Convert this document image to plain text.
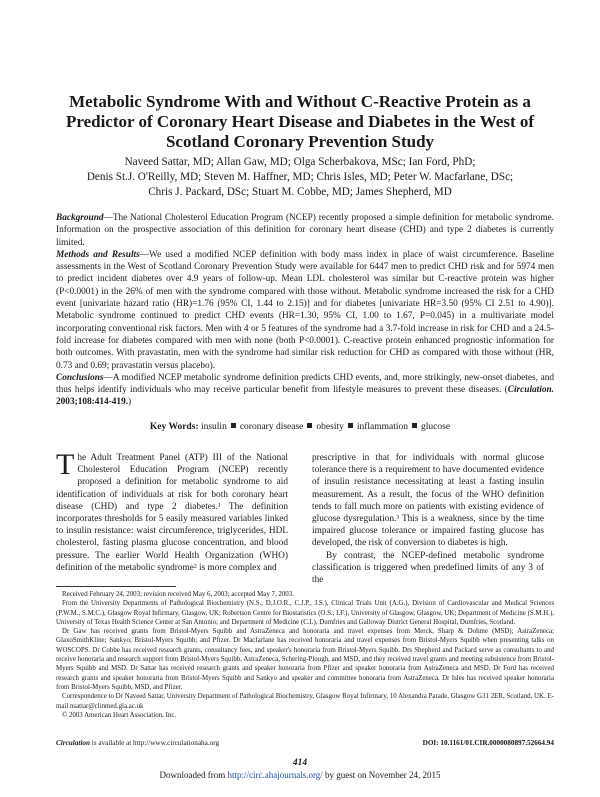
Metabolic Syndrome With and Without C-Reactive Protein as a Predictor of Coronary Heart Disease and Diabetes in the West of Scotland Coronary Prevention Study
Naveed Sattar, MD; Allan Gaw, MD; Olga Scherbakova, MSc; Ian Ford, PhD;
Denis St.J. O'Reilly, MD; Steven M. Haffner, MD; Chris Isles, MD; Peter W. Macfarlane, DSc;
Chris J. Packard, DSc; Stuart M. Cobbe, MD; James Shepherd, MD

Background—The National Cholesterol Education Program (NCEP) recently proposed a simple definition for metabolic syndrome. Information on the prospective association of this definition for coronary heart disease (CHD) and type 2 diabetes is currently limited.

Methods and Results—We used a modified NCEP definition with body mass index in place of waist circumference. Baseline assessments in the West of Scotland Coronary Prevention Study were available for 6447 men to predict CHD risk and for 5974 men to predict incident diabetes over 4.9 years of follow-up. Mean LDL cholesterol was similar but C-reactive protein was higher (P<0.0001) in the 26% of men with the syndrome compared with those without. Metabolic syndrome increased the risk for a CHD event [univariate hazard ratio (HR)=1.76 (95% CI, 1.44 to 2.15)] and for diabetes [univariate HR=3.50 (95% CI 2.51 to 4.90)]. Metabolic syndrome continued to predict CHD events (HR=1.30, 95% CI, 1.00 to 1.67, P=0.045) in a multivariate model incorporating conventional risk factors. Men with 4 or 5 features of the syndrome had a 3.7-fold increase in risk for CHD and a 24.5-fold increase for diabetes compared with men with none (both P<0.0001). C-reactive protein enhanced prognostic information for both outcomes. With pravastatin, men with the syndrome had similar risk reduction for CHD as compared with those without (HR, 0.73 and 0.69; pravastatin versus placebo).

Conclusions—A modified NCEP metabolic syndrome definition predicts CHD events, and, more strikingly, new-onset diabetes, and thus helps identify individuals who may receive particular benefit from lifestyle measures to prevent these diseases. (Circulation. 2003;108:414-419.)

Key Words: insulin coronary disease obesity inflammation glucose

The Adult Treatment Panel (ATP) III of the National Cholesterol Education Program (NCEP) recently proposed a definition for metabolic syndrome to aid identification of individuals at risk for both coronary heart disease (CHD) and type 2 diabetes.¹ The definition incorporates thresholds for 5 easily measured variables linked to insulin resistance: waist circumference, triglycerides, HDL cholesterol, fasting plasma glucose concentration, and blood pressure. The earlier World Health Organization (WHO) definition of the metabolic syndrome² is more complex and

prescriptive in that for individuals with normal glucose tolerance there is a requirement to have documented evidence of insulin resistance necessitating at least a fasting insulin measurement. As a result, the focus of the WHO definition tends to fall much more on patients with existing evidence of glucose dysregulation.³ This is a weakness, since by the time impaired glucose tolerance or impaired fasting glucose has developed, the risk of conversion to diabetes is high.

By contrast, the NCEP-defined metabolic syndrome classification is triggered when predefined limits of any 3 of the

Received February 24, 2003; revision received May 6, 2003; accepted May 7, 2003.

From the University Departments of Pathological Biochemistry (N.S., D.J.O.R., C.J.P., J.S.), Clinical Trials Unit (A.G.), Division of Cardiovascular and Medical Sciences (P.W.M., S.M.C.), Glasgow Royal Infirmary, Glasgow, UK; Robertson Centre for Biostatistics (O.S., I.F.), University of Glasgow, Glasgow, UK; Department of Medicine (S.M.H.), University of Texas Health Science Center at San Antonio; and Department of Medicine (C.I.), Dumfries and Galloway District General Hospital, Dumfries, Scotland.

Dr Gaw has received grants from Bristol-Myers Squibb and AstraZeneca and honoraria and travel expenses from Merck, Sharp & Dohme (MSD); AstraZeneca; GlaxoSmithKline; Sankyo; Bristol-Myers Squibb; and Pfizer. Dr Macfarlane has received honoraria and travel expenses from Bristol-Myers Squibb when presenting talks on WOSCOPS. Dr Cobbe has received research grants, consultancy fees, and speaker's honoraria from Bristol-Myers Squibb. Drs Shepherd and Packard serve as consultants to and receive honoraria and research support from Bristol-Myers Squibb, AstraZeneca, Schering-Plough, and MSD, and they received travel grants and meeting subsistence from Bristol-Myers Squibb and MSD. Dr Sattar has received research grants and speaker honoraria from Pfizer and speaker honoraria from AstraZeneca and MSD. Dr Ford has received research grants and speaker honoraria from Bristol-Myers Squibb and Sankyo and speaker and committee honoraria from AstraZeneca. Dr Isles has received speaker honoraria from Bristol-Myers Squibb, MSD, and Pfizer.

Correspondence to Dr Naveed Sattar, University Department of Pathological Biochemistry, Glasgow Royal Infirmary, 10 Alexandra Parade, Glasgow G31 2ER, Scotland, UK. E-mail nsattar@clinmed.gla.ac.uk

© 2003 American Heart Association, Inc.

Circulation is available at http://www.circulationaha.org	DOI: 10.1161/01.CIR.0000080897.52664.94
414
Downloaded from http://circ.ahajournals.org/ by guest on November 24, 2015
